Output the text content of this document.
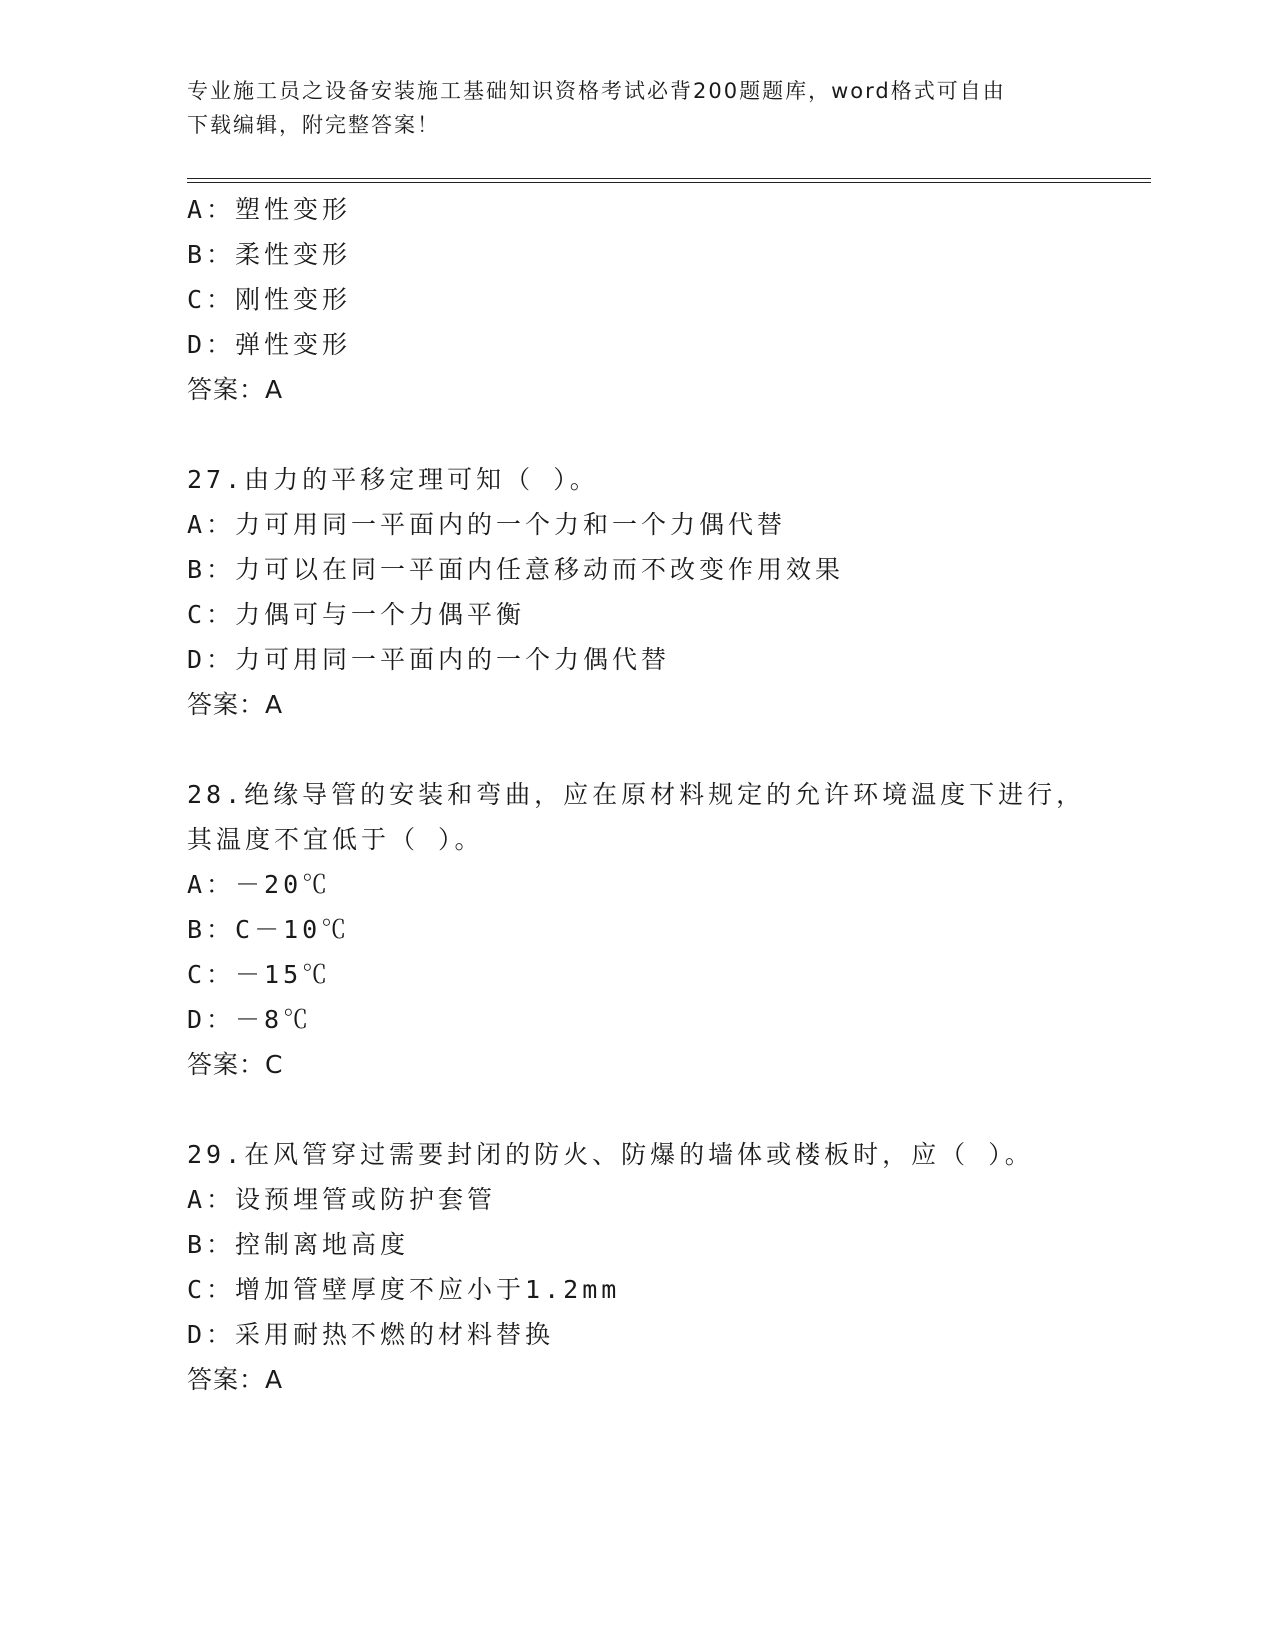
专业施工员之设备安装施工基础知识资格考试必背200题题库，word格式可自由
下载编辑，附完整答案！
A：塑性变形
B：柔性变形
C：刚性变形
D：弹性变形
答案：A
27.由力的平移定理可知（ ）。
A：力可用同一平面内的一个力和一个力偶代替
B：力可以在同一平面内任意移动而不改变作用效果
C：力偶可与一个力偶平衡
D：力可用同一平面内的一个力偶代替
答案：A
28.绝缘导管的安装和弯曲，应在原材料规定的允许环境温度下进行，
其温度不宜低于（ ）。
A：－20℃
B：C－10℃
C：－15℃
D：－8℃
答案：C
29.在风管穿过需要封闭的防火、防爆的墙体或楼板时，应（ ）。
A：设预埋管或防护套管
B：控制离地高度
C：增加管壁厚度不应小于1.2mm
D：采用耐热不燃的材料替换
答案：A
